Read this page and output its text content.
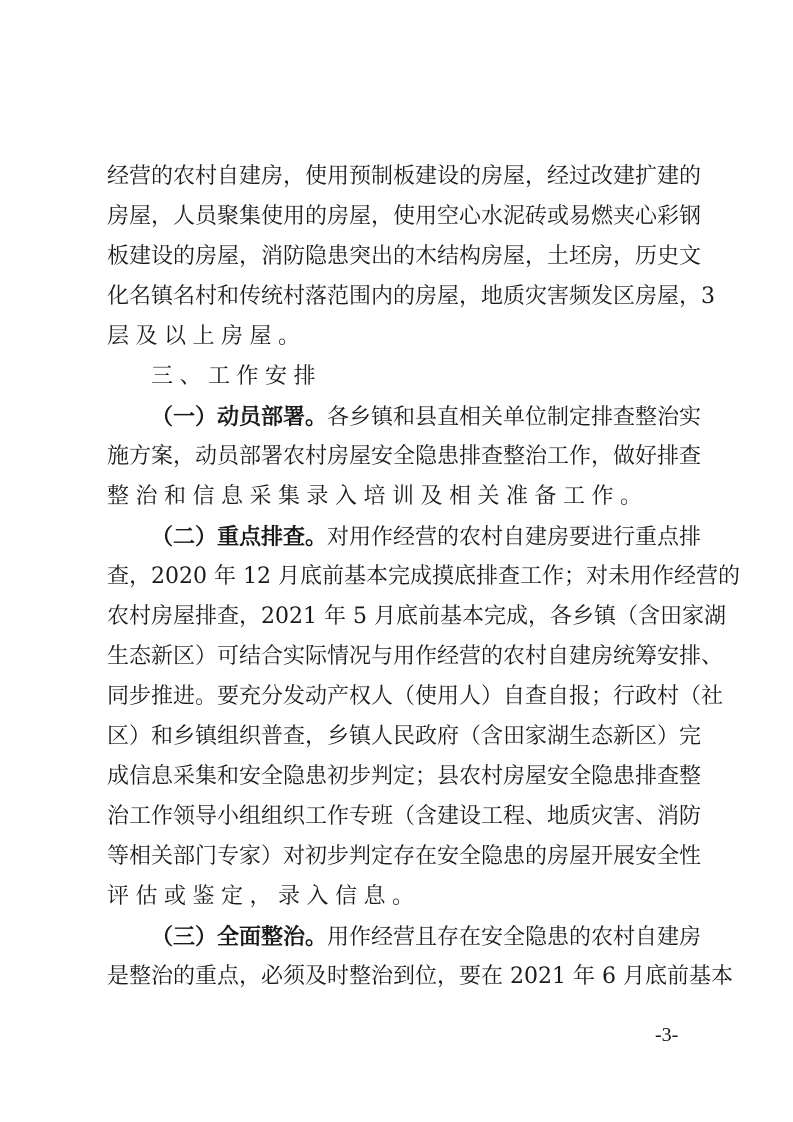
经营的农村自建房，使用预制板建设的房屋，经过改建扩建的
房屋，人员聚集使用的房屋，使用空心水泥砖或易燃夹心彩钢
板建设的房屋，消防隐患突出的木结构房屋，土坯房，历史文
化名镇名村和传统村落范围内的房屋，地质灾害频发区房屋，3
层及以上房屋。
三、工作安排
（一）动员部署。各乡镇和县直相关单位制定排查整治实
施方案，动员部署农村房屋安全隐患排查整治工作，做好排查
整治和信息采集录入培训及相关准备工作。
（二）重点排查。对用作经营的农村自建房要进行重点排
查，2020 年 12 月底前基本完成摸底排查工作；对未用作经营的
农村房屋排查，2021 年 5 月底前基本完成，各乡镇（含田家湖
生态新区）可结合实际情况与用作经营的农村自建房统筹安排、
同步推进。要充分发动产权人（使用人）自查自报；行政村（社
区）和乡镇组织普查，乡镇人民政府（含田家湖生态新区）完
成信息采集和安全隐患初步判定；县农村房屋安全隐患排查整
治工作领导小组组织工作专班（含建设工程、地质灾害、消防
等相关部门专家）对初步判定存在安全隐患的房屋开展安全性
评估或鉴定，录入信息。
（三）全面整治。用作经营且存在安全隐患的农村自建房
是整治的重点，必须及时整治到位，要在 2021 年 6 月底前基本
-3-
